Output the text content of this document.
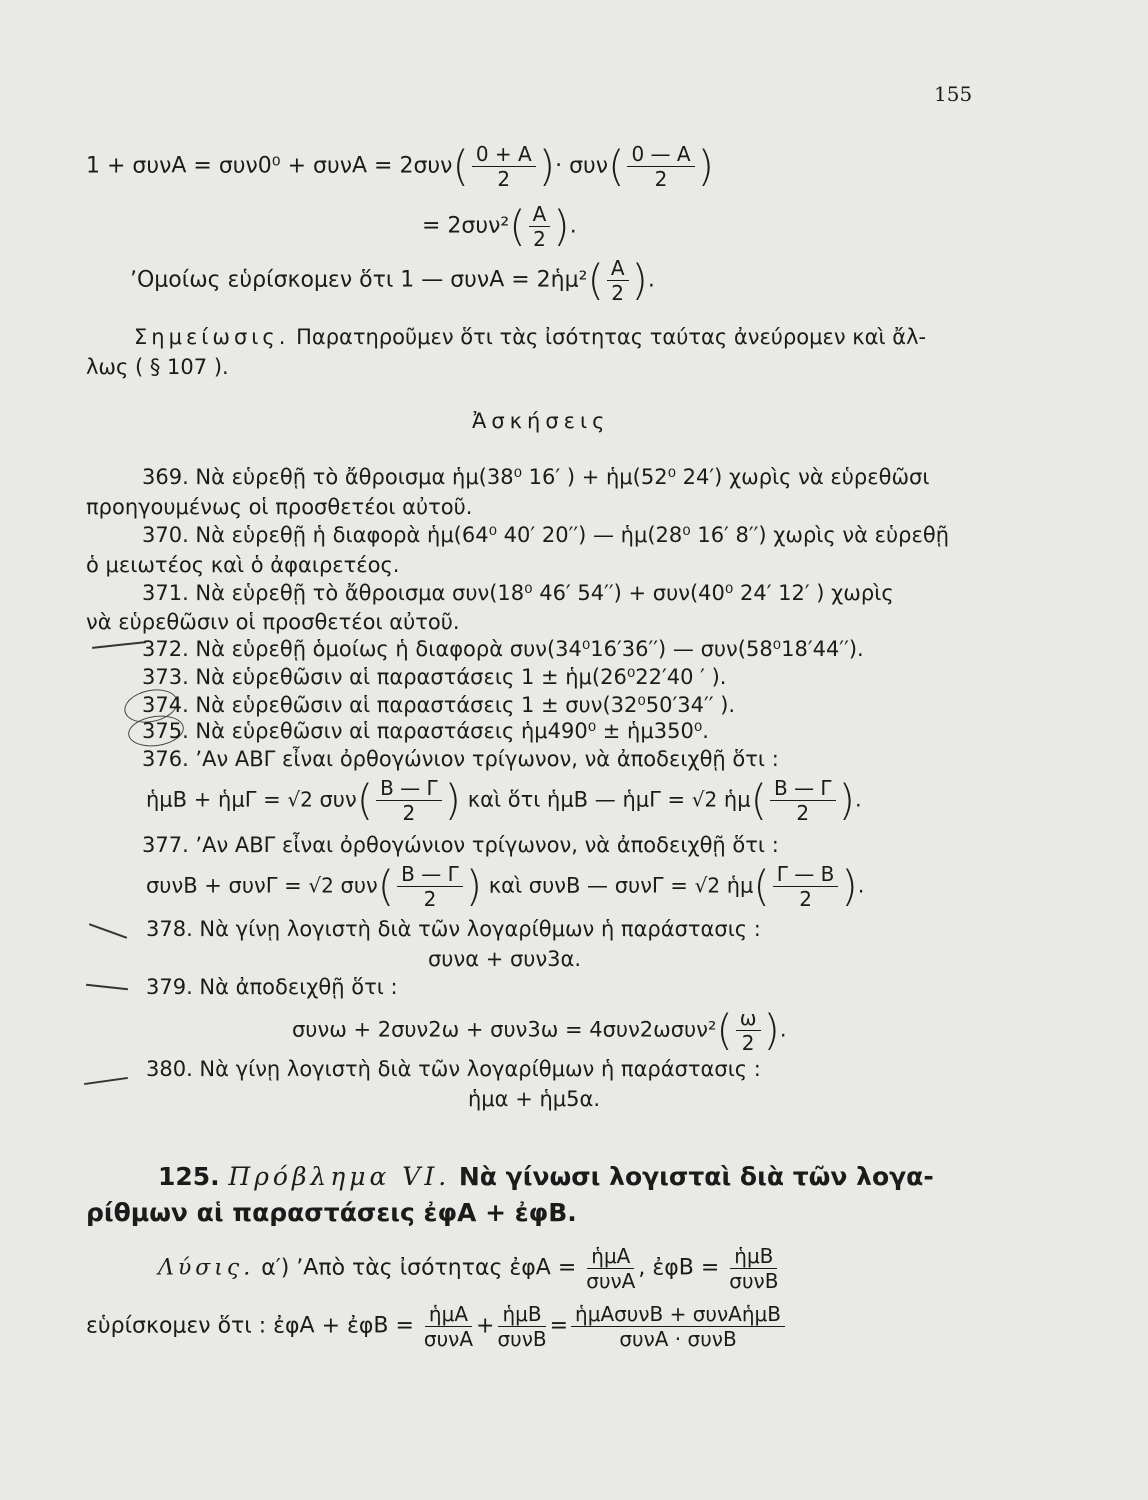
155
$1 + \sigma\upsilon\nu A = \sigma\upsilon\nu 0^0 + \sigma\upsilon\nu A = 2\sigma\upsilon\nu( \frac{0 + A}{2}$ )· $\sigma\upsilon\nu( \frac{0 — A}{2}$ )
= $2\sigma\upsilon\nu^2( \frac{A}{2}$ ).
ʼΟμοίως εὑρίσκομεν ὅτι 1 — συνΑ = 2ἡμ²( $\frac{A}{2}$ ).
Σημείωσις. Παρατηροῦμεν ὅτι τὰς ἰσότητας ταύτας ἀνεύρομεν καὶ ἄλ-
λως ( § 107 ).
Ἀσκήσεις
369. Νὰ εὑρεθῇ τὸ ἄθροισμα ἡμ(38⁰ 16′ ) + ἡμ(52⁰ 24′) χωρὶς νὰ εὑρεθῶσι
προηγουμένως οἱ προσθετέοι αὐτοῦ.
370. Νὰ εὑρεθῇ ἡ διαφορὰ ἡμ(64⁰ 40′ 20′′) — ἡμ(28⁰ 16′ 8′′) χωρὶς νὰ εὑρεθῇ
ὁ μειωτέος καὶ ὁ ἀφαιρετέος.
371. Νὰ εὑρεθῇ τὸ ἄθροισμα συν(18⁰ 46′ 54′′) + συν(40⁰ 24′ 12′ ) χωρὶς
νὰ εὑρεθῶσιν οἱ προσθετέοι αὐτοῦ.
372. Νὰ εὑρεθῇ ὁμοίως ἡ διαφορὰ συν(34⁰16′36′′) — συν(58⁰18′44′′).
373. Νὰ εὑρεθῶσιν αἱ παραστάσεις 1 ± ἡμ(26⁰22′40 ′ ).
374. Νὰ εὑρεθῶσιν αἱ παραστάσεις 1 ± συν(32⁰50′34′′ ).
375. Νὰ εὑρεθῶσιν αἱ παραστάσεις ἡμ490⁰ ± ἡμ350⁰.
376. ʼΑν ΑΒΓ εἶναι ὀρθογώνιον τρίγωνον, νὰ ἀποδειχθῇ ὅτι :
ἡμΒ + ἡμΓ = √2 $\sigma\upsilon\nu( \frac{B — \Gamma}{2}$ ) καὶ ὅτι ἡμΒ — ἡμΓ = √2 ἡμ( $\frac{B — \Gamma}{2}$ ).
377. ʼΑν ΑΒΓ εἶναι ὀρθογώνιον τρίγωνον, νὰ ἀποδειχθῇ ὅτι :
συνΒ + συνΓ = √2 $\sigma\upsilon\nu( \frac{B — \Gamma}{2}$ ) καὶ συνΒ — συνΓ = √2 ἡμ( $\frac{\Gamma — B}{2}$ ).
378. Νὰ γίνῃ λογιστὴ διὰ τῶν λογαρίθμων ἡ παράστασις :
συνα + συν3α.
379. Νὰ ἀποδειχθῇ ὅτι :
$\sigma\upsilon\nu\omega + 2\sigma\upsilon\nu 2\omega + \sigma\upsilon\nu 3\omega = 4\sigma\upsilon\nu 2\omega\sigma\upsilon\nu^2( \frac{\omega}{2}$ ).
380. Νὰ γίνῃ λογιστὴ διὰ τῶν λογαρίθμων ἡ παράστασις :
ἡμα + ἡμ5α.
125. Πρόβλημα VI. Νὰ γίνωσι λογισταὶ διὰ τῶν λογα-
ρίθμων αἱ παραστάσεις ἐφΑ + ἐφΒ.
Λύσις. α′) ʼΑπὸ τὰς ἰσότητας ἐφΑ = $\frac{\text{ἡμΑ}}{\text{συνΑ}}$ , ἐφΒ = $\frac{\text{ἡμΒ}}{\text{συνΒ}}$
εὑρίσκομεν ὅτι : ἐφΑ + ἐφΒ = $\frac{\text{ἡμΑ}}{\text{συνΑ}} + \frac{\text{ἡμΒ}}{\text{συνΒ}} = \frac{\text{ἡμΑσυνΒ + συνΑἡμΒ}}{\text{συνΑ · συνΒ}}$
